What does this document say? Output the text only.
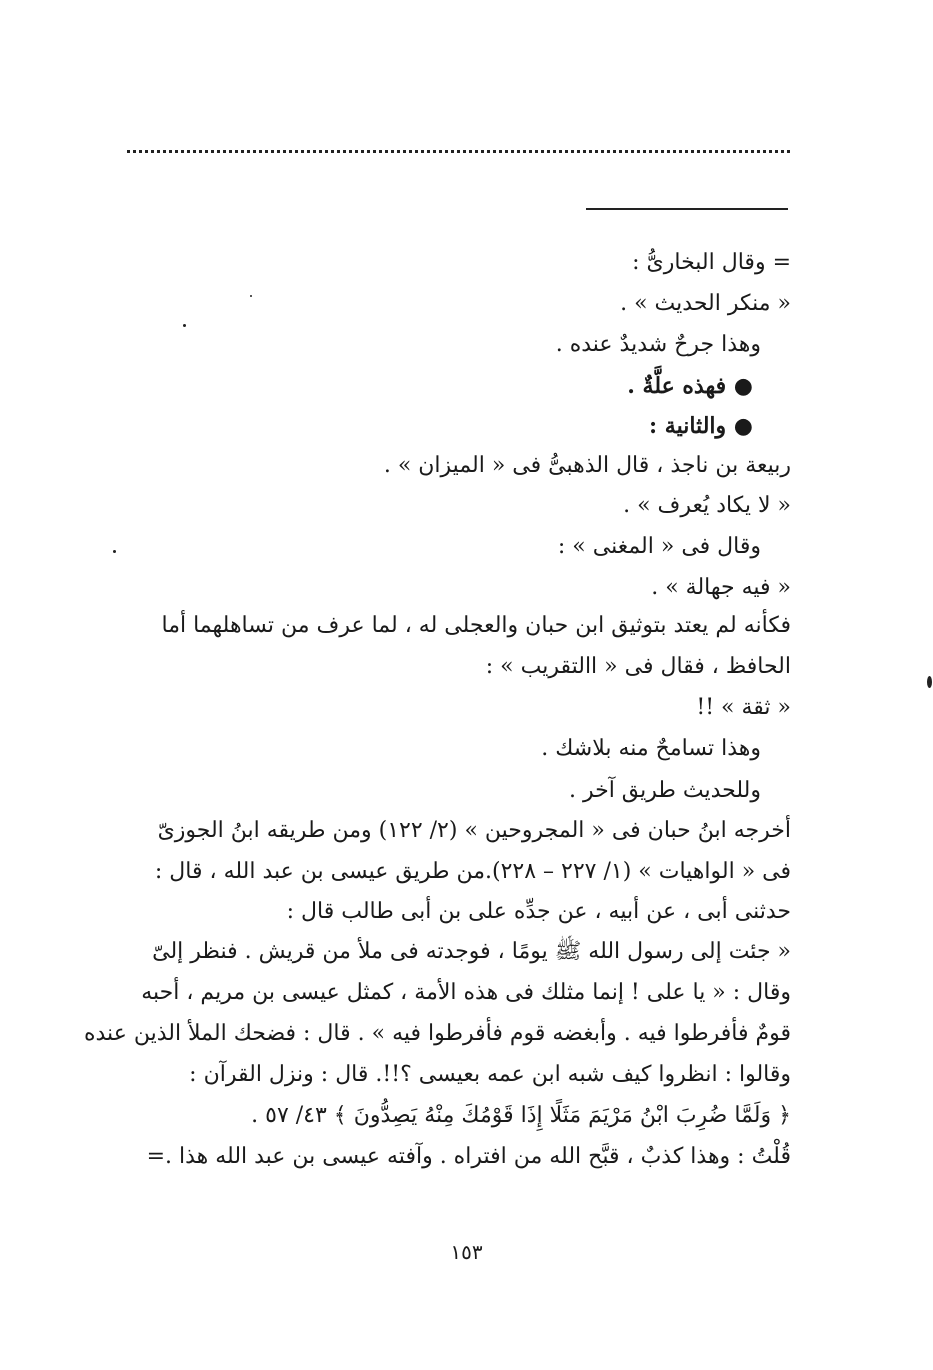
= وقال البخارىُّ :
« منكر الحديث » .
وهذا جرحٌ شديدٌ عنده .
● فهذه علَّةٌ .
● والثانية :
ربيعة بن ناجذ ، قال الذهبىُّ فى « الميزان » .
« لا يكاد يُعرف » .
وقال فى « المغنى » :
« فيه جهالة » .
فكأنه لم يعتد بتوثيق ابن حبان والعجلى له ، لما عرف من تساهلهما أما
الحافظ ، فقال فى « االتقريب » :
« ثقة » !!
وهذا تسامحٌ منه بلاشك .
وللحديث طريق آخر .
أخرجه ابنُ حبان فى « المجروحين » (٢/ ١٢٢) ومن طريقه ابنُ الجوزىّ
فى « الواهيات » (١/ ٢٢٧ – ٢٢٨).من طريق عيسى بن عبد الله ، قال :
حدثنى أبى ، عن أبيه ، عن جدِّه على بن أبى طالب قال :
« جئت إلى رسول الله ﷺ يومًا ، فوجدته فى ملأ من قريش . فنظر إلىّ
وقال : « يا على ! إنما مثلك فى هذه الأمة ، كمثل عيسى بن مريم ، أحبه
قومٌ فأفرطوا فيه . وأبغضه قوم فأفرطوا فيه » . قال : فضحك الملأ الذين عنده
وقالوا : انظروا كيف شبه ابن عمه بعيسى ؟!!. قال : ونزل القرآن :
﴿ وَلَمَّا ضُرِبَ ابْنُ مَرْيَمَ مَثَلًا إِذَا قَوْمُكَ مِنْهُ يَصِدُّونَ ﴾ ٤٣/ ٥٧ .
قُلْتُ : وهذا كذبٌ ، قبَّح الله من افتراه . وآفته عيسى بن عبد الله هذا .=
١٥٣
